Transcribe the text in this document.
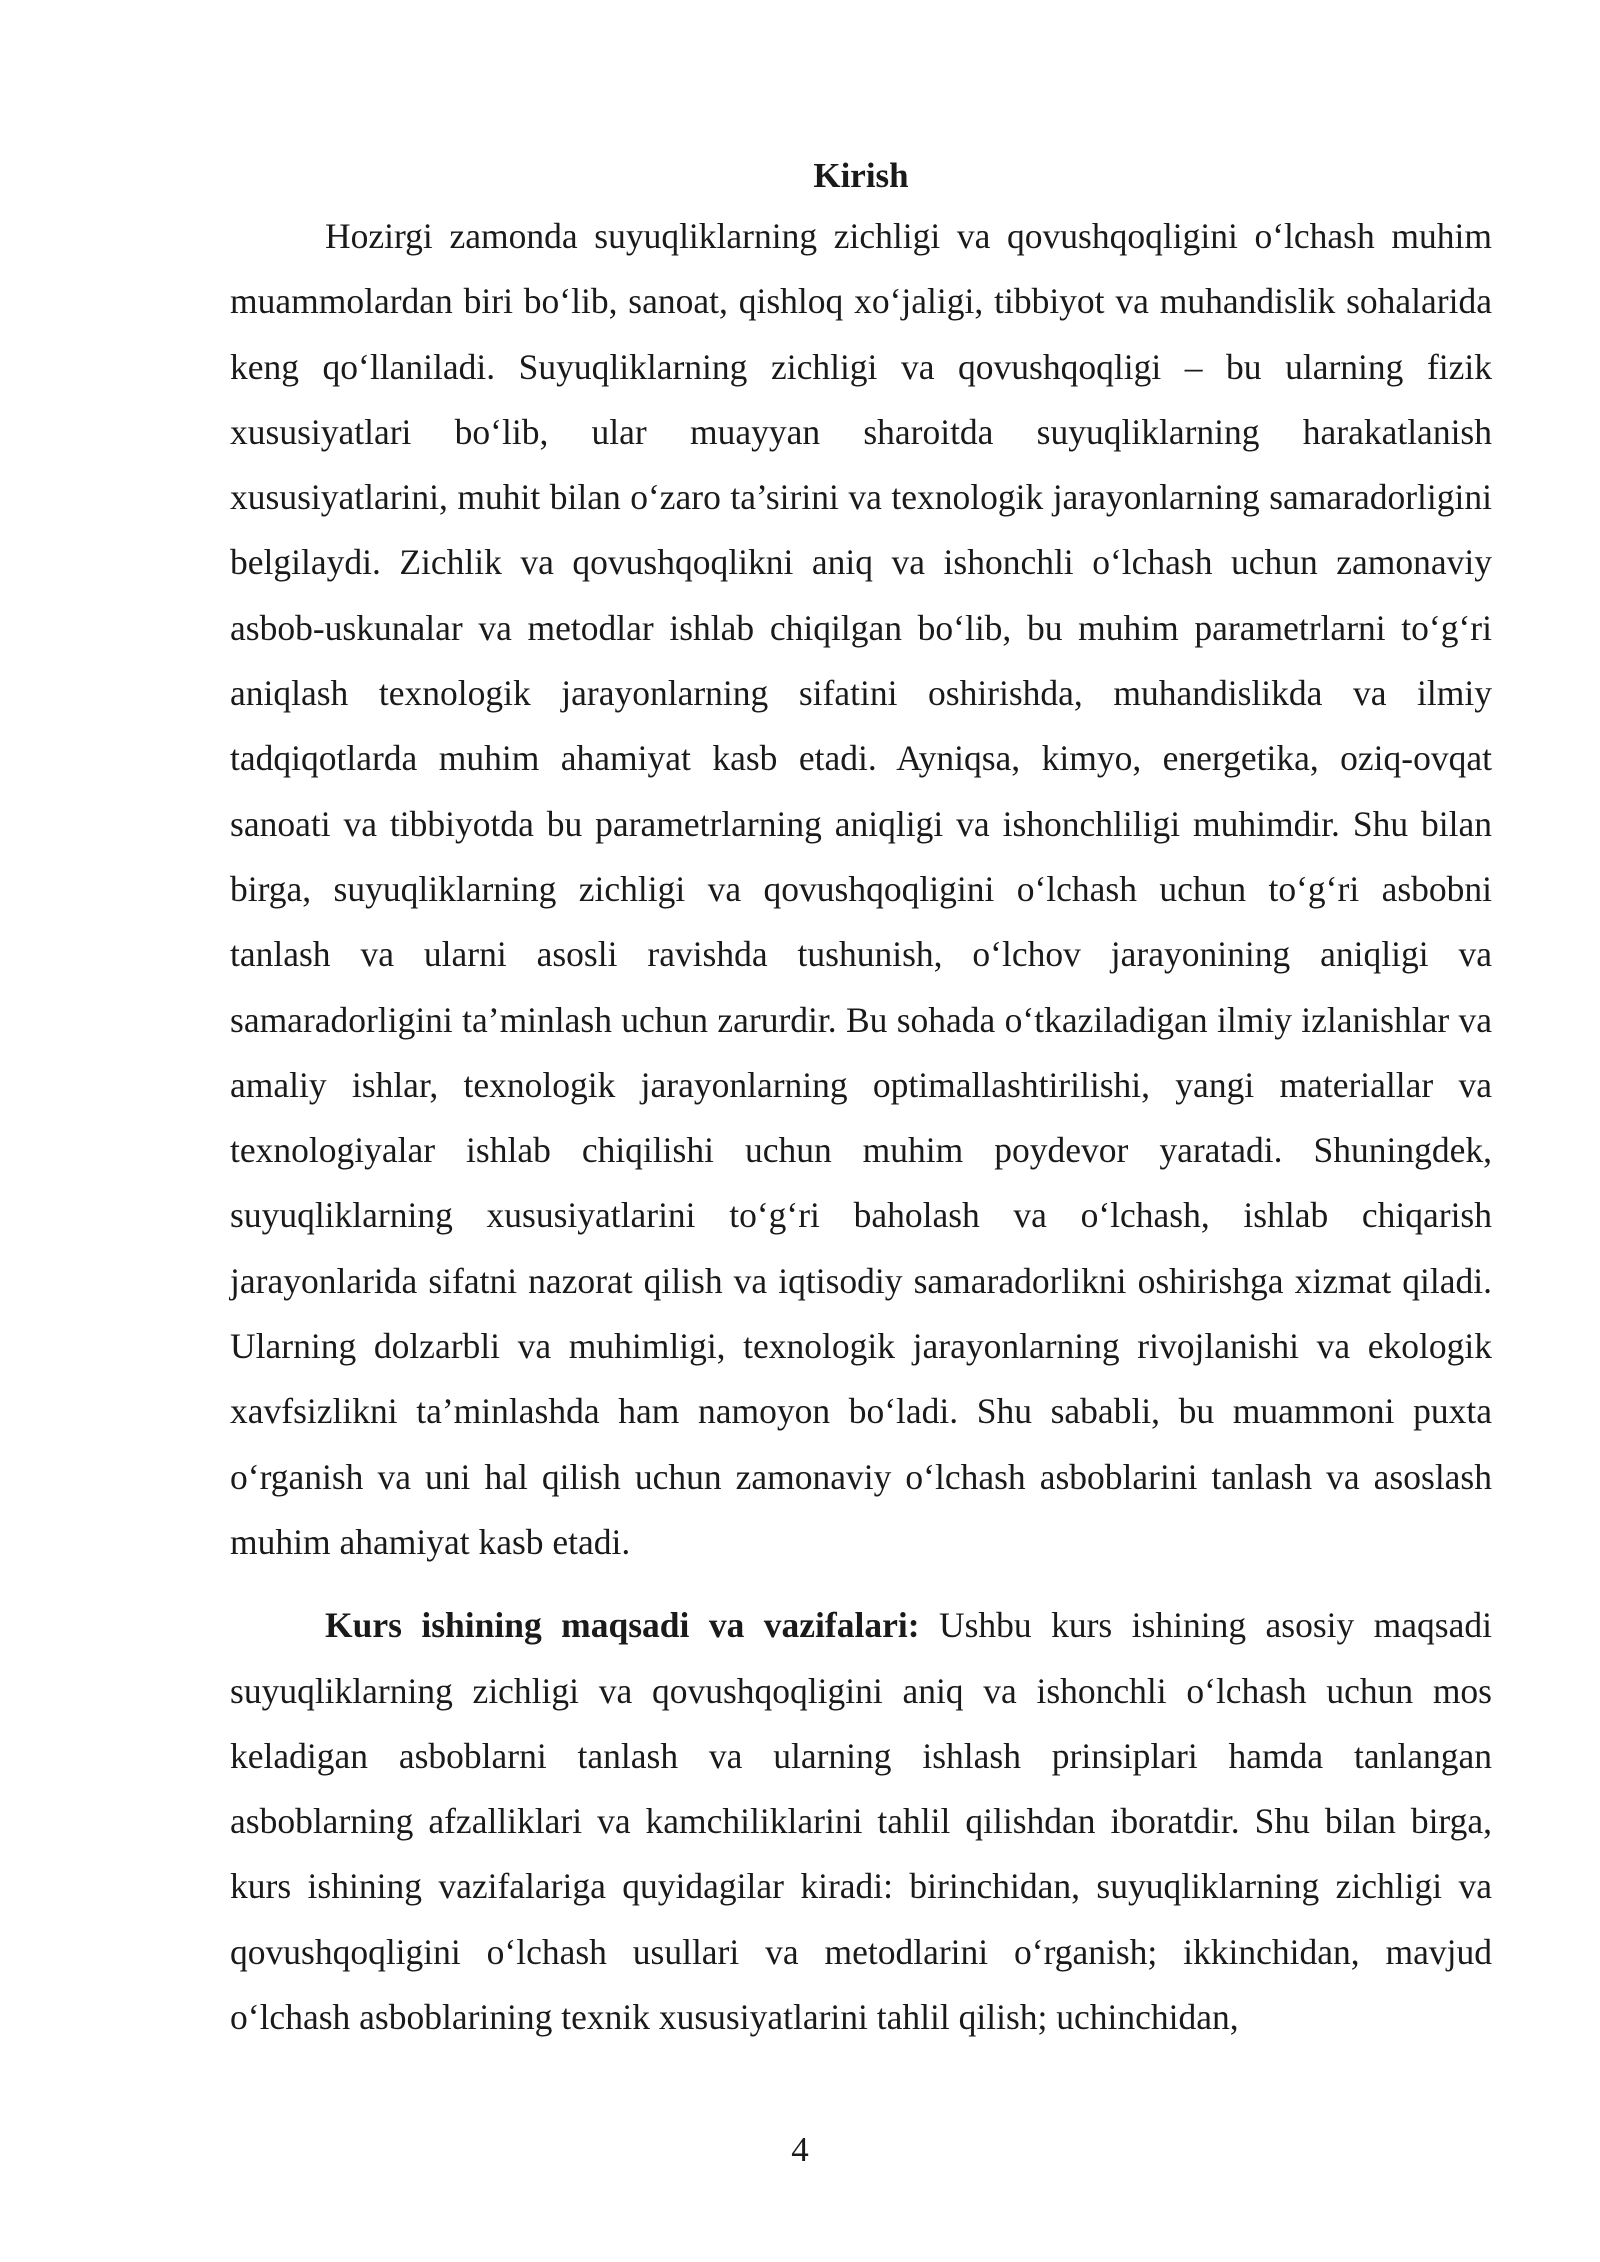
Kirish

Hozirgi zamonda suyuqliklarning zichligi va qovushqoqligini o‘lchash muhim muammolardan biri bo‘lib, sanoat, qishloq xo‘jaligi, tibbiyot va muhandislik sohalarida keng qo‘llaniladi. Suyuqliklarning zichligi va qovushqoqligi – bu ularning fizik xususiyatlari bo‘lib, ular muayyan sharoitda suyuqliklarning harakatlanish xususiyatlarini, muhit bilan o‘zaro ta’sirini va texnologik jarayonlarning samaradorligini belgilaydi. Zichlik va qovushqoqlikni aniq va ishonchli o‘lchash uchun zamonaviy asbob-uskunalar va metodlar ishlab chiqilgan bo‘lib, bu muhim parametrlarni to‘g‘ri aniqlash texnologik jarayonlarning sifatini oshirishda, muhandislikda va ilmiy tadqiqotlarda muhim ahamiyat kasb etadi. Ayniqsa, kimyo, energetika, oziq-ovqat sanoati va tibbiyotda bu parametrlarning aniqligi va ishonchliligi muhimdir. Shu bilan birga, suyuqliklarning zichligi va qovushqoqligini o‘lchash uchun to‘g‘ri asbobni tanlash va ularni asosli ravishda tushunish, o‘lchov jarayonining aniqligi va samaradorligini ta’minlash uchun zarurdir. Bu sohada o‘tkaziladigan ilmiy izlanishlar va amaliy ishlar, texnologik jarayonlarning optimallashtirilishi, yangi materiallar va texnologiyalar ishlab chiqilishi uchun muhim poydevor yaratadi. Shuningdek, suyuqliklarning xususiyatlarini to‘g‘ri baholash va o‘lchash, ishlab chiqarish jarayonlarida sifatni nazorat qilish va iqtisodiy samaradorlikni oshirishga xizmat qiladi. Ularning dolzarbli va muhimligi, texnologik jarayonlarning rivojlanishi va ekologik xavfsizlikni ta’minlashda ham namoyon bo‘ladi. Shu sababli, bu muammoni puxta o‘rganish va uni hal qilish uchun zamonaviy o‘lchash asboblarini tanlash va asoslash muhim ahamiyat kasb etadi.

Kurs ishining maqsadi va vazifalari: Ushbu kurs ishining asosiy maqsadi suyuqliklarning zichligi va qovushqoqligini aniq va ishonchli o‘lchash uchun mos keladigan asboblarni tanlash va ularning ishlash prinsiplari hamda tanlangan asboblarning afzalliklari va kamchiliklarini tahlil qilishdan iboratdir. Shu bilan birga, kurs ishining vazifalariga quyidagilar kiradi: birinchidan, suyuqliklarning zichligi va qovushqoqligini o‘lchash usullari va metodlarini o‘rganish; ikkinchidan, mavjud o‘lchash asboblarining texnik xususiyatlarini tahlil qilish; uchinchidan,

4
